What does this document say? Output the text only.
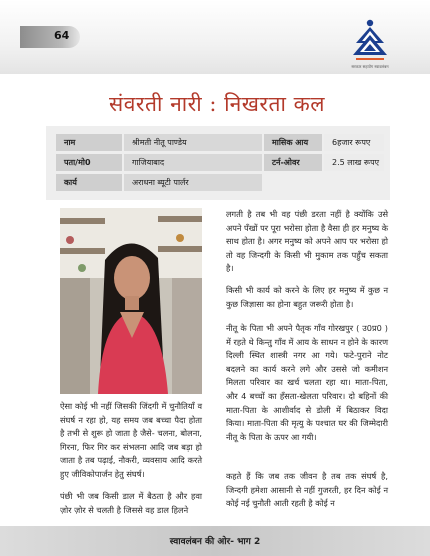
64
सरकार सहयोग स्वावलंबन
संवरती नारी : निखरता कल
नाम	श्रीमती नीतू पाण्डेय	मासिक आय	6हजार रूपए
पता/मो0	गाजियाबाद	टर्न-ओवर	2.5 लाख रूपए
कार्य	अराधना ब्यूटी पार्लर
ऐसा कोई भी नहीं जिसकी जिंदगी में चुनौतियाँ व संघर्ष न रहा हो, यह समय जब बच्चा पैदा होता है तभी से शुरू हो जाता है जैसे- चलना, बोलना, गिरना, फिर गिर कर संभलना आदि जब बड़ा हो जाता है तब पढ़ाई, नौकरी, व्यवसाय आदि करते हुए जीविकोपार्जन हेतु संघर्ष।
पंछी भी जब किसी डाल में बैठता है और हवा ज़ोर ज़ोर से चलती है जिससे वह डाल हिलने
लगती है तब भी वह पंछी डरता नहीं है क्योंकि उसे अपने पँखों पर पूरा भरोसा होता है वैसा ही हर मनुष्य के साथ होता है। अगर मनुष्य को अपने आप पर भरोसा हो तो वह जिन्दगी के किसी भी मुकाम तक पहुँच सकता है।
किसी भी कार्य को करने के लिए हर मनुष्य में कुछ न कुछ जिज्ञासा का होना बहुत जरूरी होता है।
नीतू के पिता भी अपने पैतृक गाँव गोरखपुर ( उ0प्र0 ) में रहते थे किन्तु गाँव में आय के साधन न होने के कारण दिल्ली स्थित शास्त्री नगर आ गये। फटे-पुराने नोट बदलने का कार्य करने लगे और उससे जो कमीशन मिलता परिवार का खर्च चलता रहा था। माता-पिता, और 4 बच्चों का हँसता-खेलता परिवार। दो बहिनों की माता-पिता के आशीर्वाद से डोली में बिठाकर विदा किया। माता-पिता की मृत्यु के पश्चात घर की जिम्मेदारी नीतू के पिता के ऊपर आ गयी।
कहते हैं कि जब तक जीवन है तब तक संघर्ष है, जिन्दगी हमेशा आसानी से नहीं गुजरती, हर दिन कोई न कोई नई चुनौती आती रहती है कोई न
स्वावलंबन की ओर- भाग 2
